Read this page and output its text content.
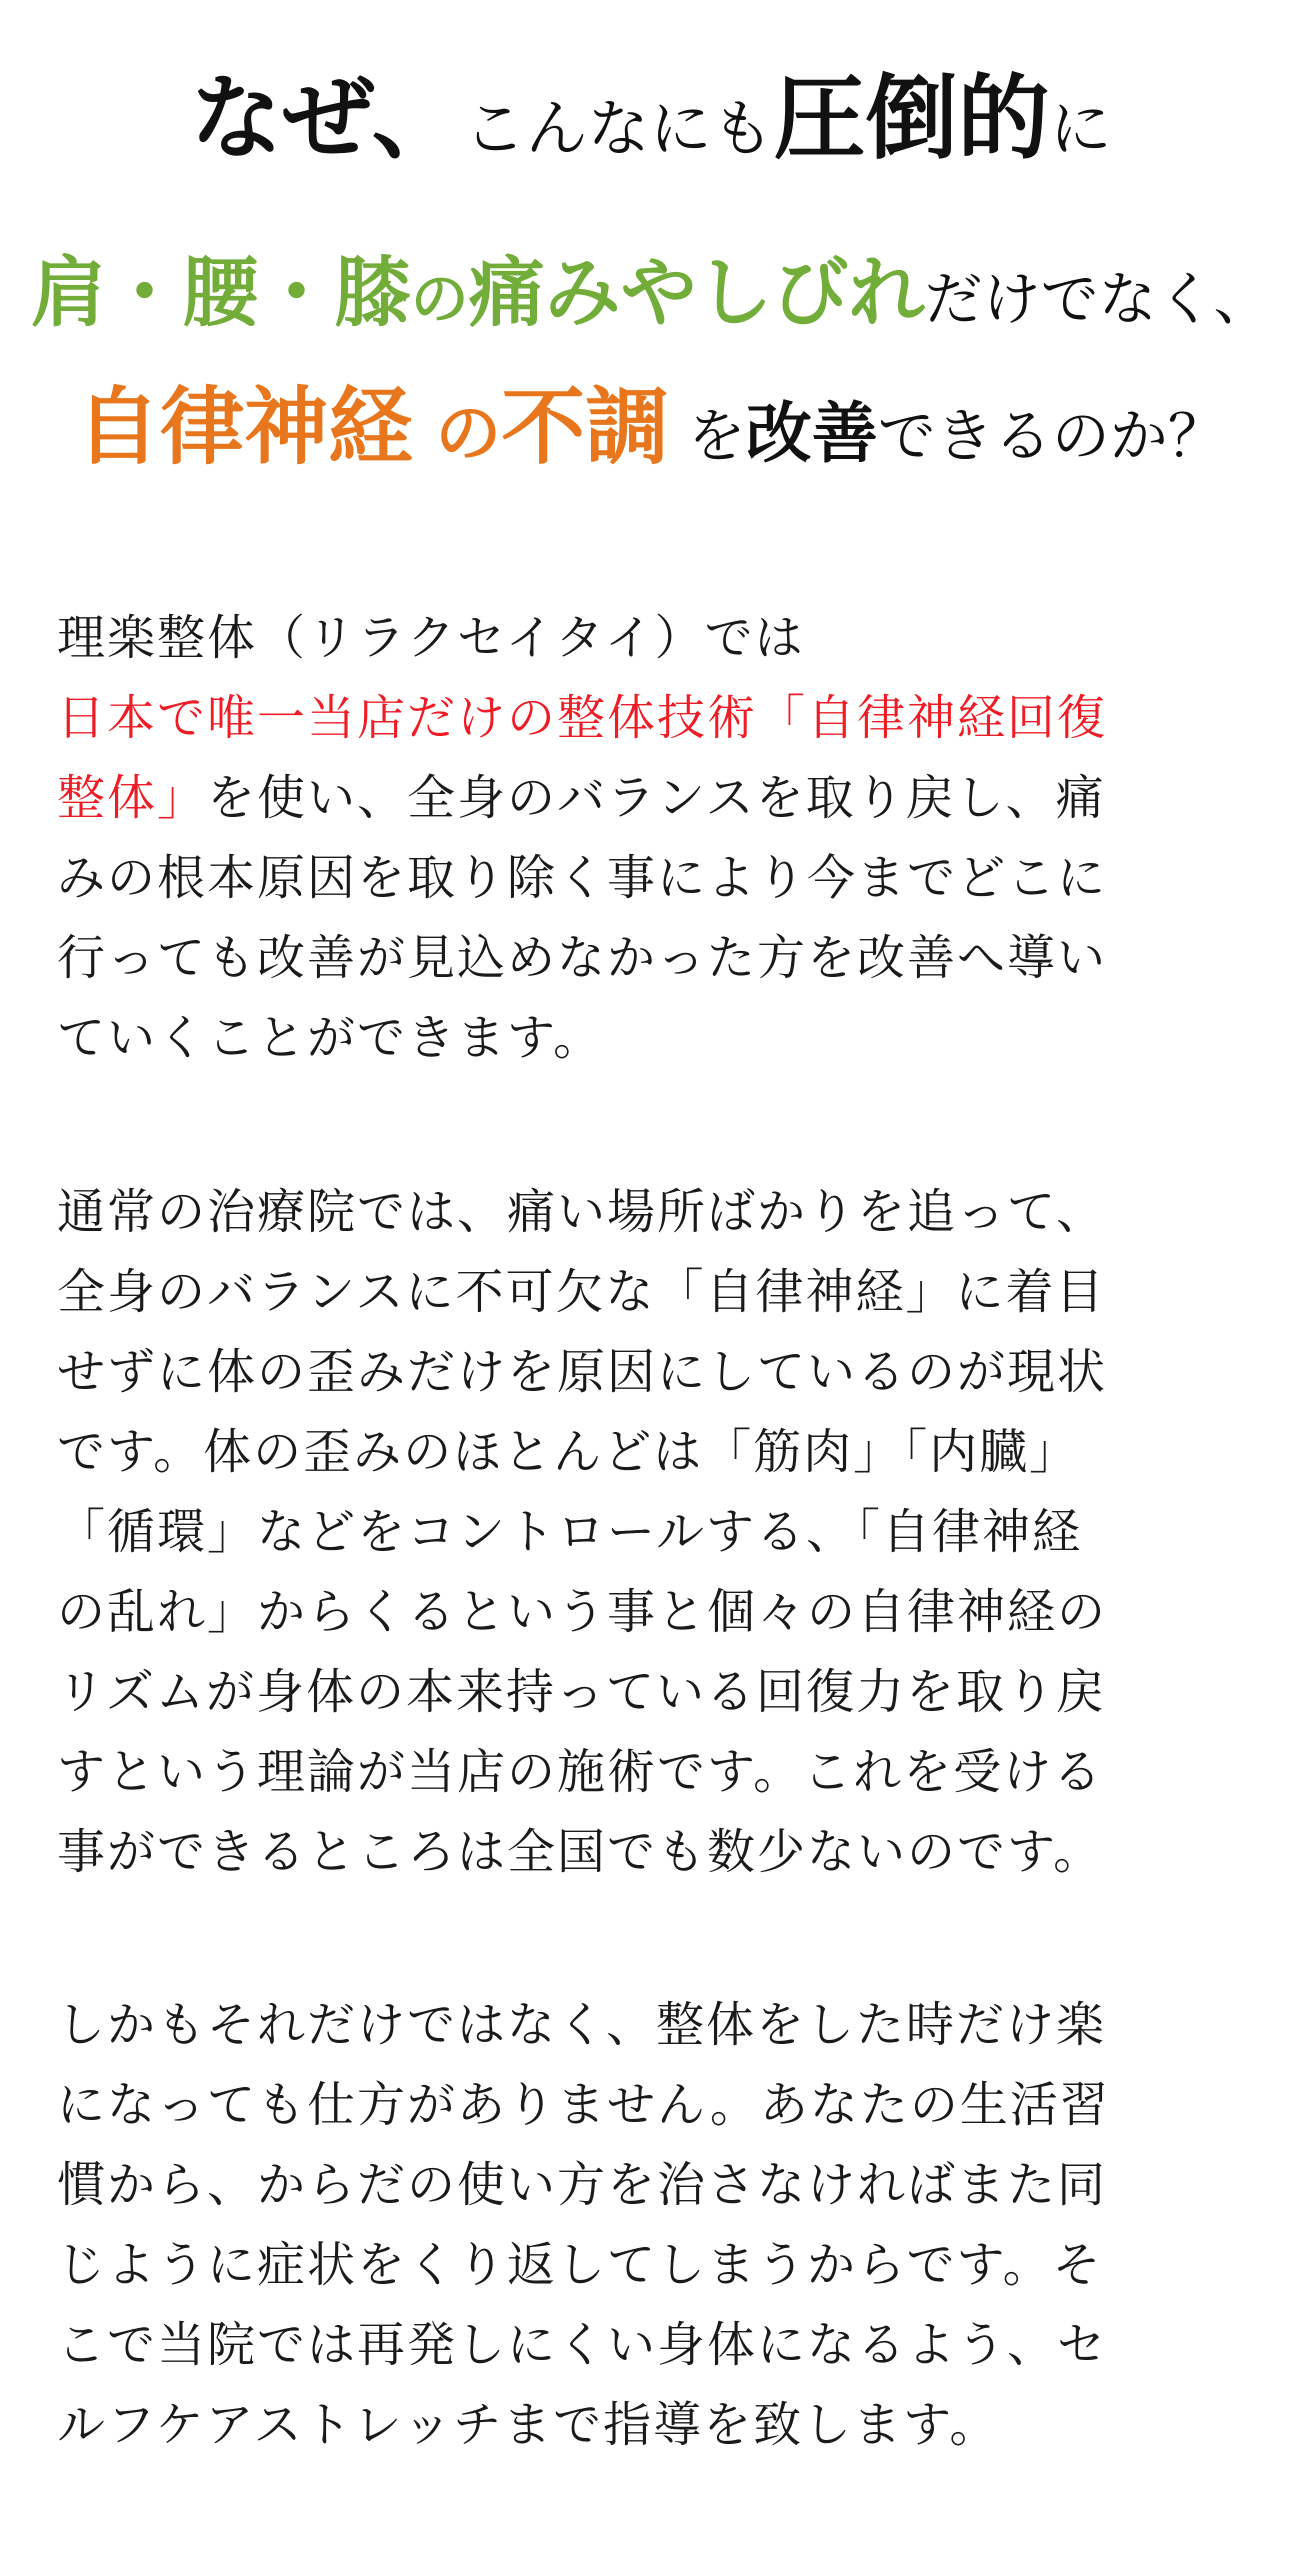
なぜ、こんなにも圧倒的に
肩・腰・膝の痛みやしびれだけでなく、
自律神経 の不調 を改善できるのか？
理楽整体（リラクセイタイ）では
日本で唯一当店だけの整体技術「自律神経回復
整体」を使い、全身のバランスを取り戻し、痛
みの根本原因を取り除く事により今までどこに
行っても改善が見込めなかった方を改善へ導い
ていくことができます。
通常の治療院では、痛い場所ばかりを追って、
全身のバランスに不可欠な「自律神経」に着目
せずに体の歪みだけを原因にしているのが現状
です。体の歪みのほとんどは「筋肉」「内臓」
「循環」などをコントロールする、「自律神経
の乱れ」からくるという事と個々の自律神経の
リズムが身体の本来持っている回復力を取り戻
すという理論が当店の施術です。これを受ける
事ができるところは全国でも数少ないのです。
しかもそれだけではなく、整体をした時だけ楽
になっても仕方がありません。あなたの生活習
慣から、からだの使い方を治さなければまた同
じように症状をくり返してしまうからです。そ
こで当院では再発しにくい身体になるよう、セ
ルフケアストレッチまで指導を致します。
